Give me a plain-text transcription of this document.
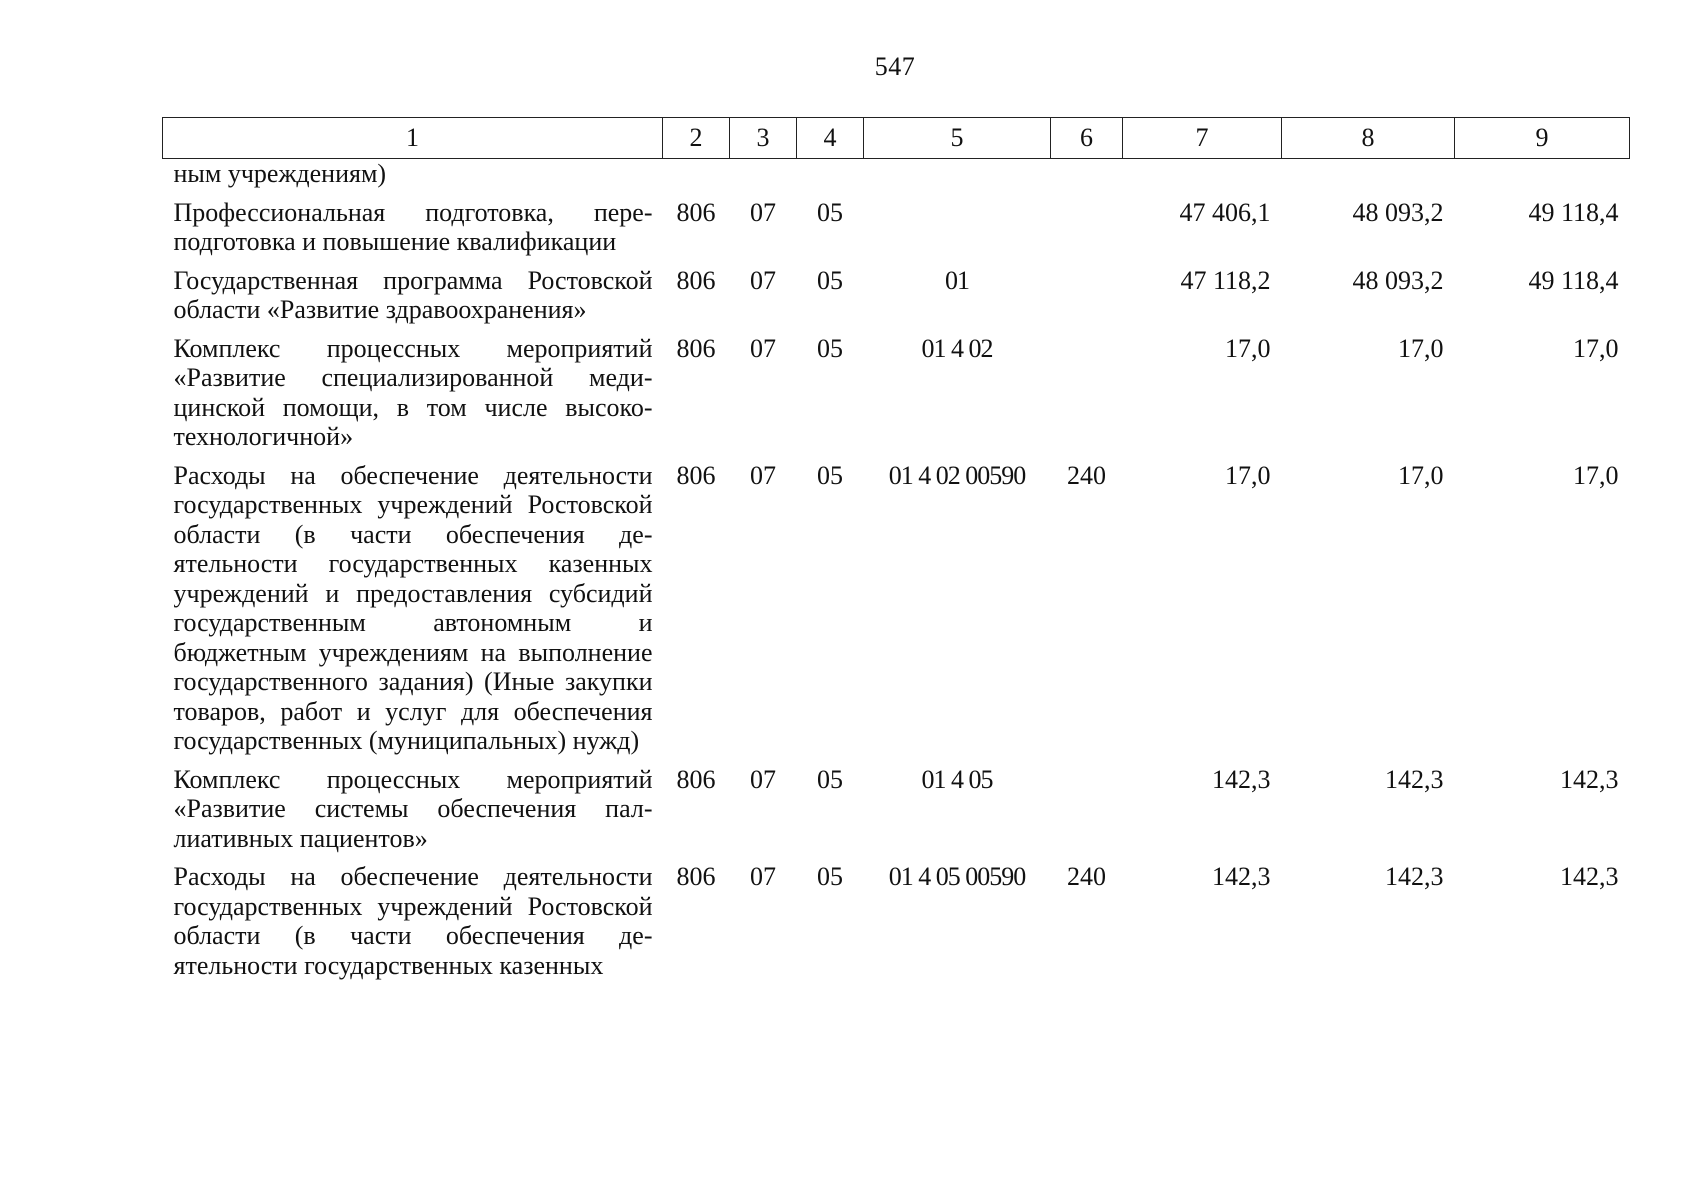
547
1	2	3	4	5	6	7	8	9
ным учреждениям)								
Профессиональная подготовка, переподготовка и повышение квалификации	806	07	05			47 406,1	48 093,2	49 118,4
Государственная программа Ростовской области «Развитие здравоохранения»	806	07	05	01		47 118,2	48 093,2	49 118,4
Комплекс процессных мероприятий «Развитие специализированной медицинской помощи, в том числе высокотехнологичной»	806	07	05	01 4 02		17,0	17,0	17,0
Расходы на обеспечение деятельности государственных учреждений Ростовской области (в части обеспечения деятельности государственных казенных учреждений и предоставления субсидий государственным автономным и бюджетным учреждениям на выполнение государственного задания) (Иные закупки товаров, работ и услуг для обеспечения государственных (муниципальных) нужд)	806	07	05	01 4 02 00590	240	17,0	17,0	17,0
Комплекс процессных мероприятий «Развитие системы обеспечения паллиативных пациентов»	806	07	05	01 4 05		142,3	142,3	142,3
Расходы на обеспечение деятельности государственных учреждений Ростовской области (в части обеспечения деятельности государственных казенных	806	07	05	01 4 05 00590	240	142,3	142,3	142,3
